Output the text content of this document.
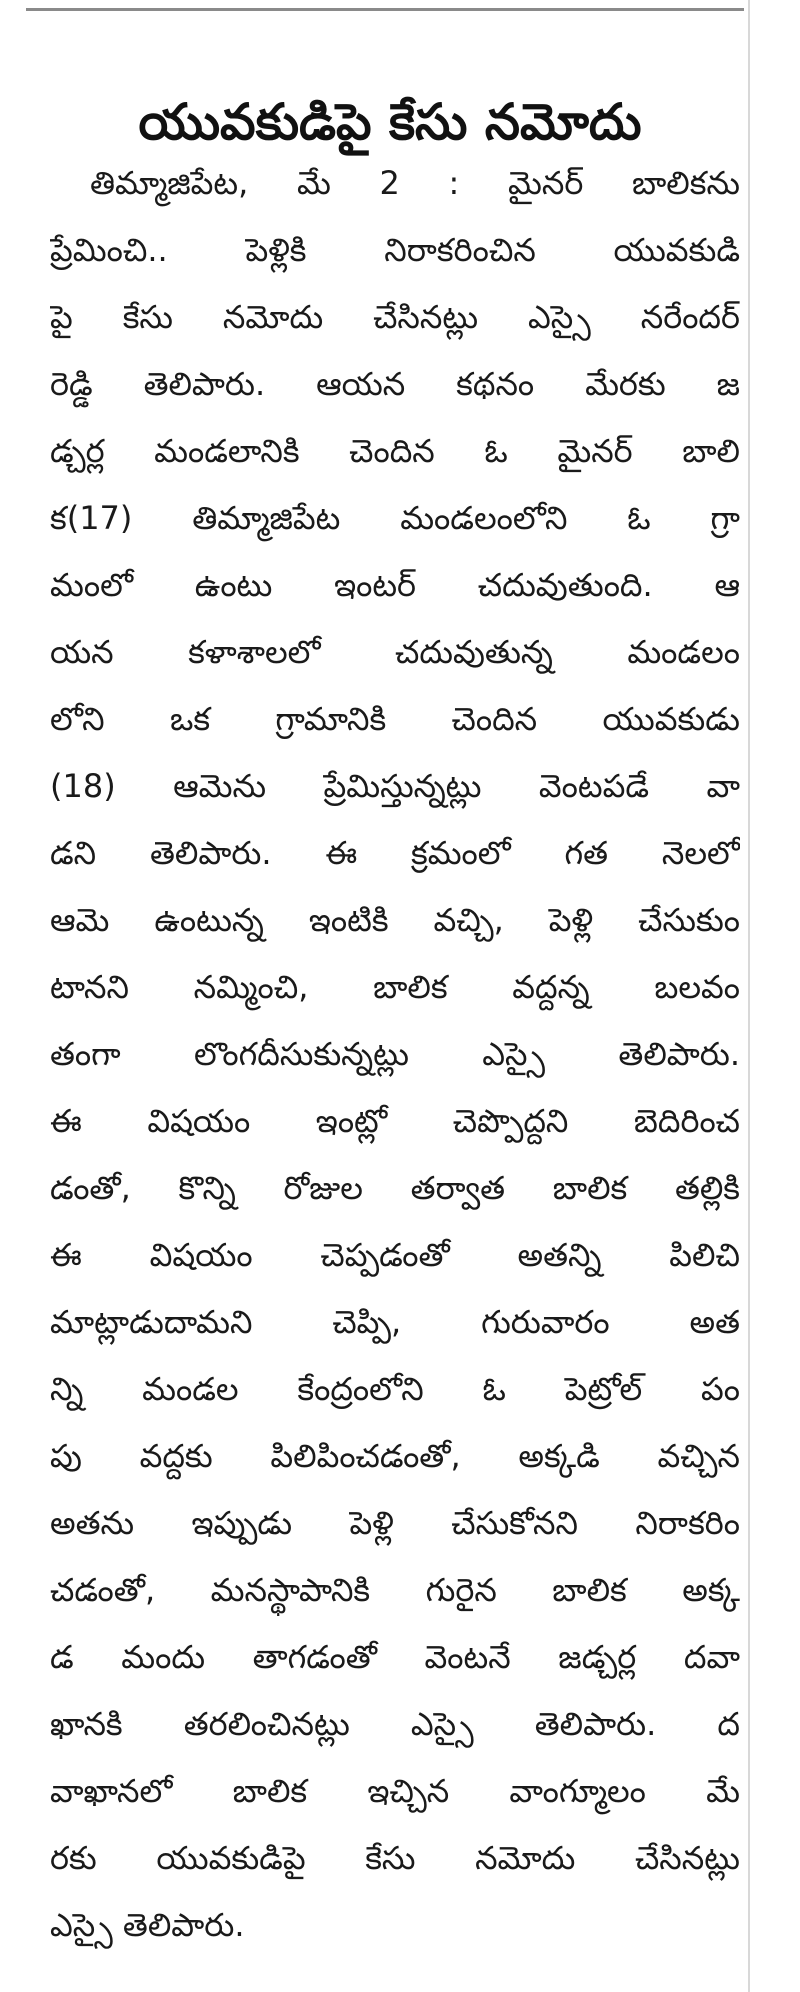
యువకుడిపై కేసు నమోదు
తిమ్మాజిపేట, మే 2 : మైనర్ బాలికను
ప్రేమించి.. పెళ్లికి నిరాకరించిన యువకుడి
పై కేసు నమోదు చేసినట్లు ఎస్సై నరేందర్
రెడ్డి తెలిపారు. ఆయన కథనం మేరకు జ
డ్చర్ల మండలానికి చెందిన ఓ మైనర్ బాలి
క(17) తిమ్మాజిపేట మండలంలోని ఓ గ్రా
మంలో ఉంటు ఇంటర్ చదువుతుంది. ఆ
యన కళాశాలలో చదువుతున్న మండలం
లోని ఒక గ్రామానికి చెందిన యువకుడు
(18) ఆమెను ప్రేమిస్తున్నట్లు వెంటపడే వా
డని తెలిపారు. ఈ క్రమంలో గత నెలలో
ఆమె ఉంటున్న ఇంటికి వచ్చి, పెళ్లి చేసుకుం
టానని నమ్మించి, బాలిక వద్దన్న బలవం
తంగా లొంగదీసుకున్నట్లు ఎస్సై తెలిపారు.
ఈ విషయం ఇంట్లో చెప్పొద్దని బెదిరించ
డంతో, కొన్ని రోజుల తర్వాత బాలిక తల్లికి
ఈ విషయం చెప్పడంతో అతన్ని పిలిచి
మాట్లాడుదామని చెప్పి, గురువారం అత
న్ని మండల కేంద్రంలోని ఓ పెట్రోల్ పం
పు వద్దకు పిలిపించడంతో, అక్కడి వచ్చిన
అతను ఇప్పుడు పెళ్లి చేసుకోనని నిరాకరిం
చడంతో, మనస్థాపానికి గురైన బాలిక అక్క
డ మందు తాగడంతో వెంటనే జడ్చర్ల దవా
ఖానకి తరలించినట్లు ఎస్సై తెలిపారు. ద
వాఖానలో బాలిక ఇచ్చిన వాంగ్మూలం మే
రకు యువకుడిపై కేసు నమోదు చేసినట్లు
ఎస్సై తెలిపారు.
